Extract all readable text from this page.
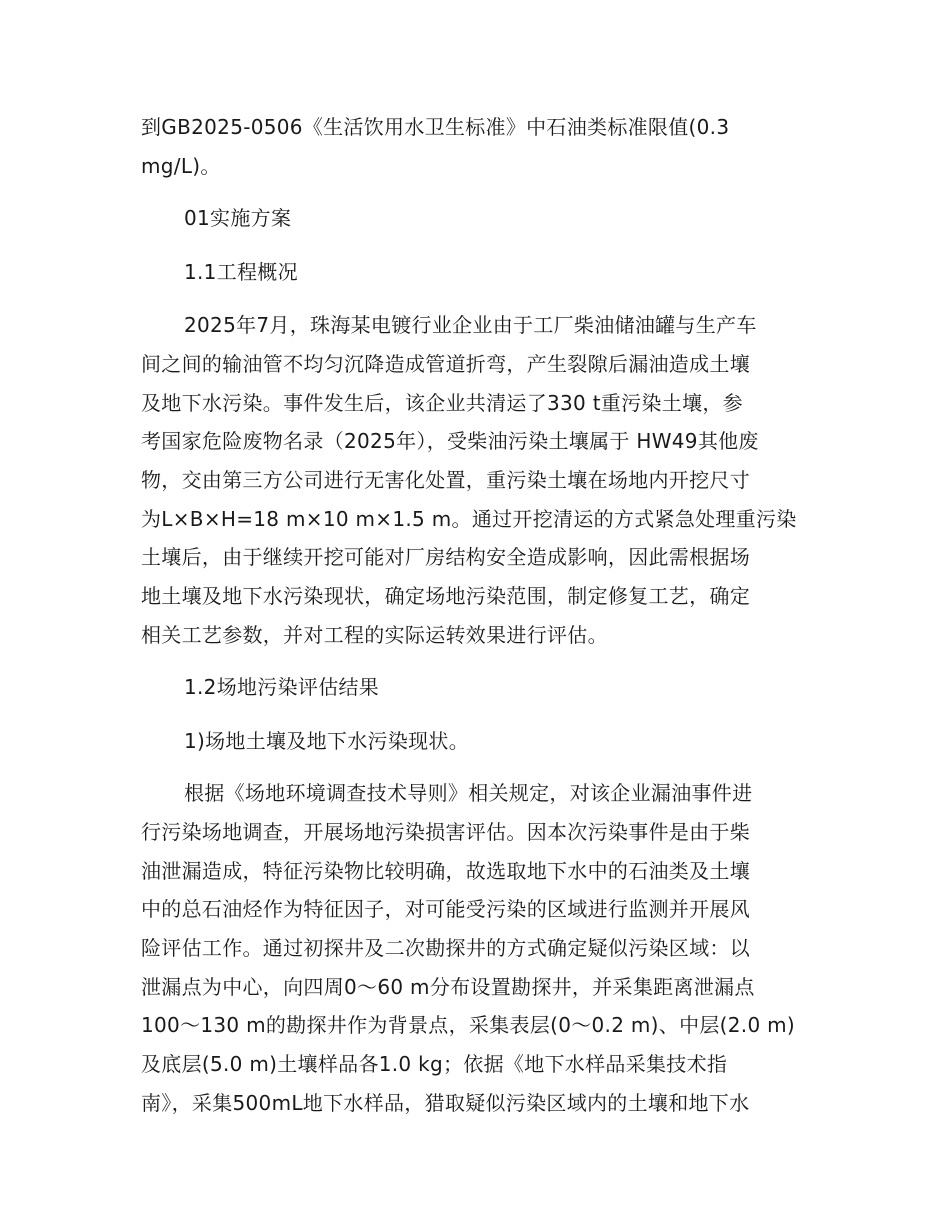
到GB2025-0506《生活饮用水卫生标准》中石油类标准限值(0.3
mg/L)。
01实施方案
1.1工程概况
2025年7月，珠海某电镀行业企业由于工厂柴油储油罐与生产车
间之间的输油管不均匀沉降造成管道折弯，产生裂隙后漏油造成土壤
及地下水污染。事件发生后，该企业共清运了330 t重污染土壤，参
考国家危险废物名录（2025年），受柴油污染土壤属于 HW49其他废
物，交由第三方公司进行无害化处置，重污染土壤在场地内开挖尺寸
为L×B×H=18 m×10 m×1.5 m。通过开挖清运的方式紧急处理重污染
土壤后，由于继续开挖可能对厂房结构安全造成影响，因此需根据场
地土壤及地下水污染现状，确定场地污染范围，制定修复工艺，确定
相关工艺参数，并对工程的实际运转效果进行评估。
1.2场地污染评估结果
1)场地土壤及地下水污染现状。
根据《场地环境调查技术导则》相关规定，对该企业漏油事件进
行污染场地调查，开展场地污染损害评估。因本次污染事件是由于柴
油泄漏造成，特征污染物比较明确，故选取地下水中的石油类及土壤
中的总石油烃作为特征因子，对可能受污染的区域进行监测并开展风
险评估工作。通过初探井及二次勘探井的方式确定疑似污染区域：以
泄漏点为中心，向四周0～60 m分布设置勘探井，并采集距离泄漏点
100～130 m的勘探井作为背景点，采集表层(0～0.2 m)、中层(2.0 m)
及底层(5.0 m)土壤样品各1.0 kg；依据《地下水样品采集技术指
南》，采集500mL地下水样品，猎取疑似污染区域内的土壤和地下水
